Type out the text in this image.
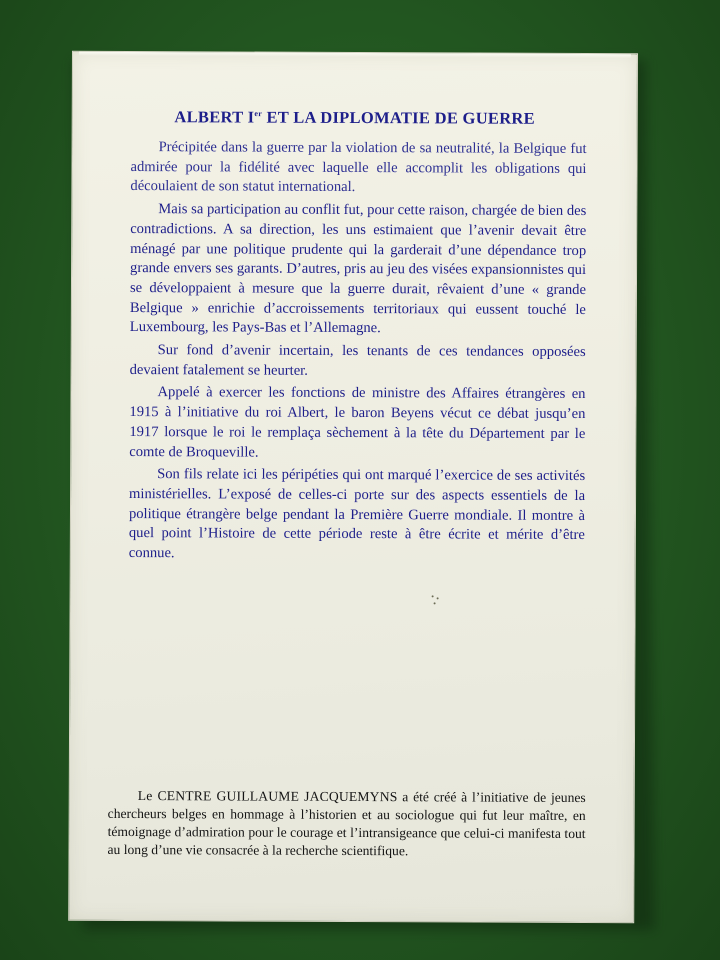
ALBERT Ier ET LA DIPLOMATIE DE GUERRE

Précipitée dans la guerre par la violation de sa neutralité, la Belgique fut admirée pour la fidélité avec laquelle elle accomplit les obligations qui découlaient de son statut international.

Mais sa participation au conflit fut, pour cette raison, chargée de bien des contradictions. A sa direction, les uns estimaient que l’avenir devait être ménagé par une politique prudente qui la garderait d’une dépendance trop grande envers ses garants. D’autres, pris au jeu des visées expansionnistes qui se développaient à mesure que la guerre durait, rêvaient d’une « grande Belgique » enrichie d’accroissements territoriaux qui eussent touché le Luxembourg, les Pays-Bas et l’Allemagne.

Sur fond d’avenir incertain, les tenants de ces tendances opposées devaient fatalement se heurter.

Appelé à exercer les fonctions de ministre des Affaires étrangères en 1915 à l’initiative du roi Albert, le baron Beyens vécut ce débat jusqu’en 1917 lorsque le roi le remplaça sèchement à la tête du Département par le comte de Broqueville.

Son fils relate ici les péripéties qui ont marqué l’exercice de ses activités ministérielles. L’exposé de celles-ci porte sur des aspects essentiels de la politique étrangère belge pendant la Première Guerre mondiale. Il montre à quel point l’Histoire de cette période reste à être écrite et mérite d’être connue.

Le CENTRE GUILLAUME JACQUEMYNS a été créé à l’initiative de jeunes chercheurs belges en hommage à l’historien et au sociologue qui fut leur maître, en témoignage d’admiration pour le courage et l’intransigeance que celui-ci manifesta tout au long d’une vie consacrée à la recherche scientifique.
